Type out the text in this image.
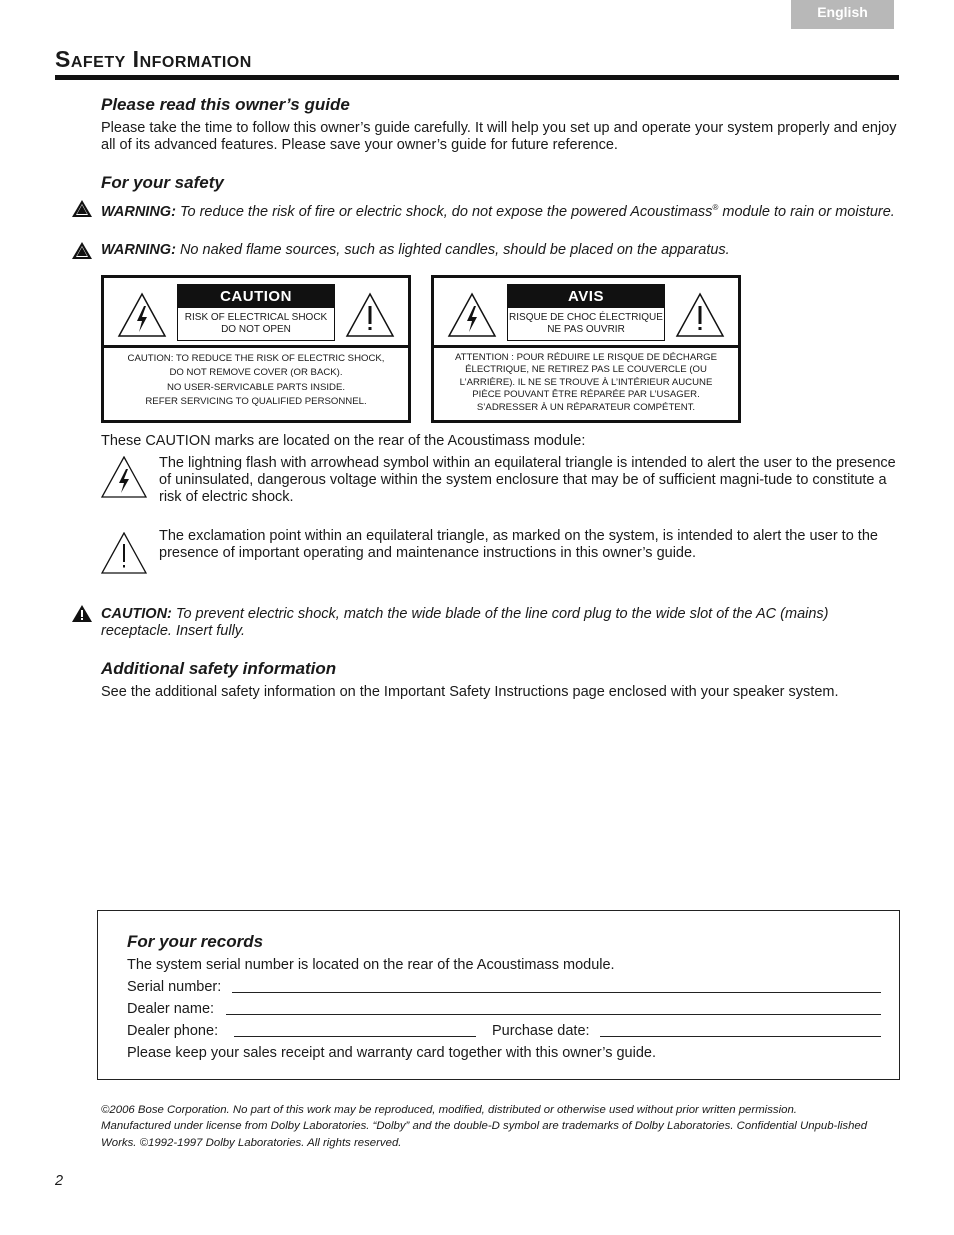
English
Safety Information
Please read this owner’s guide
Please take the time to follow this owner’s guide carefully. It will help you set up and operate your system properly and enjoy all of its advanced features. Please save your owner’s guide for future reference.
For your safety
WARNING: To reduce the risk of fire or electric shock, do not expose the powered Acoustimass® module to rain or moisture.
WARNING: No naked flame sources, such as lighted candles, should be placed on the apparatus.
CAUTION
RISK OF ELECTRICAL SHOCK
DO NOT OPEN
CAUTION: TO REDUCE THE RISK OF ELECTRIC SHOCK,
DO NOT REMOVE COVER (OR BACK).
NO USER-SERVICABLE PARTS INSIDE.
REFER SERVICING TO QUALIFIED PERSONNEL.
AVIS
RISQUE DE CHOC ÉLECTRIQUE
NE PAS OUVRIR
ATTENTION : POUR RÉDUIRE LE RISQUE DE DÉCHARGE
ÉLECTRIQUE, NE RETIREZ PAS LE COUVERCLE (OU
L’ARRIÈRE). IL NE SE TROUVE À L’INTÉRIEUR AUCUNE
PIÈCE POUVANT ÊTRE RÉPARÉE PAR L’USAGER.
S’ADRESSER À UN RÉPARATEUR COMPÉTENT.
These CAUTION marks are located on the rear of the Acoustimass module:
The lightning flash with arrowhead symbol within an equilateral triangle is intended to alert the user to the presence of uninsulated, dangerous voltage within the system enclosure that may be of sufficient magni-tude to constitute a risk of electric shock.
The exclamation point within an equilateral triangle, as marked on the system, is intended to alert the user to the presence of important operating and maintenance instructions in this owner’s guide.
CAUTION: To prevent electric shock, match the wide blade of the line cord plug to the wide slot of the AC (mains) receptacle. Insert fully.
Additional safety information
See the additional safety information on the Important Safety Instructions page enclosed with your speaker system.
For your records
The system serial number is located on the rear of the Acoustimass module.
Serial number:
Dealer name:
Dealer phone:	Purchase date:
Please keep your sales receipt and warranty card together with this owner’s guide.
©2006 Bose Corporation. No part of this work may be reproduced, modified, distributed or otherwise used without prior written permission.
Manufactured under license from Dolby Laboratories. “Dolby” and the double-D symbol are trademarks of Dolby Laboratories. Confidential Unpub-lished Works. ©1992-1997 Dolby Laboratories. All rights reserved.
2
